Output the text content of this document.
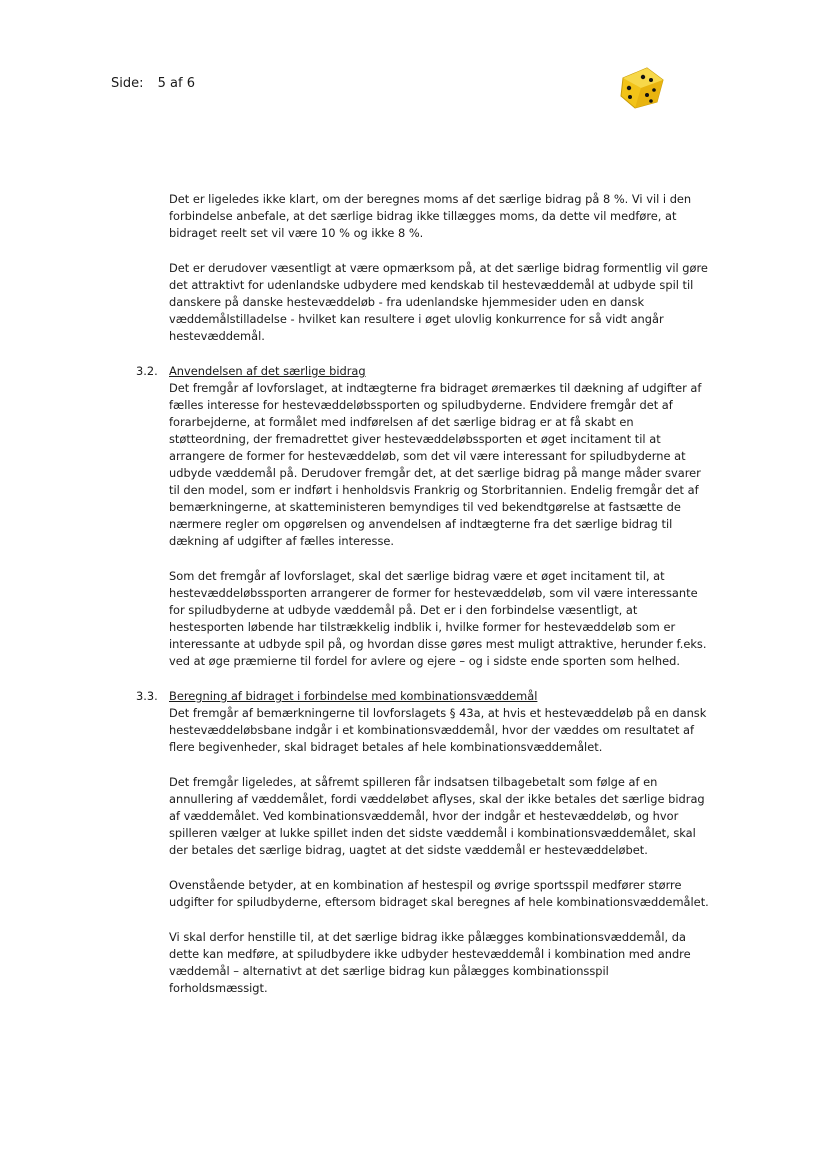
Side: 5 af 6

Det er ligeledes ikke klart, om der beregnes moms af det særlige bidrag på 8 %. Vi vil i den forbindelse anbefale, at det særlige bidrag ikke tillægges moms, da dette vil medføre, at bidraget reelt set vil være 10 % og ikke 8 %.

Det er derudover væsentligt at være opmærksom på, at det særlige bidrag formentlig vil gøre det attraktivt for udenlandske udbydere med kendskab til hestevæddemål at udbyde spil til danskere på danske hestevæddeløb - fra udenlandske hjemmesider uden en dansk væddemålstilladelse - hvilket kan resultere i øget ulovlig konkurrence for så vidt angår hestevæddemål.

3.2. Anvendelsen af det særlige bidrag

Det fremgår af lovforslaget, at indtægterne fra bidraget øremærkes til dækning af udgifter af fælles interesse for hestevæddeløbssporten og spiludbyderne. Endvidere fremgår det af forarbejderne, at formålet med indførelsen af det særlige bidrag er at få skabt en støtteordning, der fremadrettet giver hestevæddeløbssporten et øget incitament til at arrangere de former for hestevæddeløb, som det vil være interessant for spiludbyderne at udbyde væddemål på. Derudover fremgår det, at det særlige bidrag på mange måder svarer til den model, som er indført i henholdsvis Frankrig og Storbritannien. Endelig fremgår det af bemærkningerne, at skatteministeren bemyndiges til ved bekendtgørelse at fastsætte de nærmere regler om opgørelsen og anvendelsen af indtægterne fra det særlige bidrag til dækning af udgifter af fælles interesse.

Som det fremgår af lovforslaget, skal det særlige bidrag være et øget incitament til, at hestevæddeløbssporten arrangerer de former for hestevæddeløb, som vil være interessante for spiludbyderne at udbyde væddemål på. Det er i den forbindelse væsentligt, at hestesporten løbende har tilstrækkelig indblik i, hvilke former for hestevæddeløb som er interessante at udbyde spil på, og hvordan disse gøres mest muligt attraktive, herunder f.eks. ved at øge præmierne til fordel for avlere og ejere – og i sidste ende sporten som helhed.

3.3. Beregning af bidraget i forbindelse med kombinationsvæddemål

Det fremgår af bemærkningerne til lovforslagets § 43a, at hvis et hestevæddeløb på en dansk hestevæddeløbsbane indgår i et kombinationsvæddemål, hvor der væddes om resultatet af flere begivenheder, skal bidraget betales af hele kombinationsvæddemålet.

Det fremgår ligeledes, at såfremt spilleren får indsatsen tilbagebetalt som følge af en annullering af væddemålet, fordi væddeløbet aflyses, skal der ikke betales det særlige bidrag af væddemålet. Ved kombinationsvæddemål, hvor der indgår et hestevæddeløb, og hvor spilleren vælger at lukke spillet inden det sidste væddemål i kombinationsvæddemålet, skal der betales det særlige bidrag, uagtet at det sidste væddemål er hestevæddeløbet.

Ovenstående betyder, at en kombination af hestespil og øvrige sportsspil medfører større udgifter for spiludbyderne, eftersom bidraget skal beregnes af hele kombinationsvæddemålet.

Vi skal derfor henstille til, at det særlige bidrag ikke pålægges kombinationsvæddemål, da dette kan medføre, at spiludbydere ikke udbyder hestevæddemål i kombination med andre væddemål – alternativt at det særlige bidrag kun pålægges kombinationsspil forholdsmæssigt.
